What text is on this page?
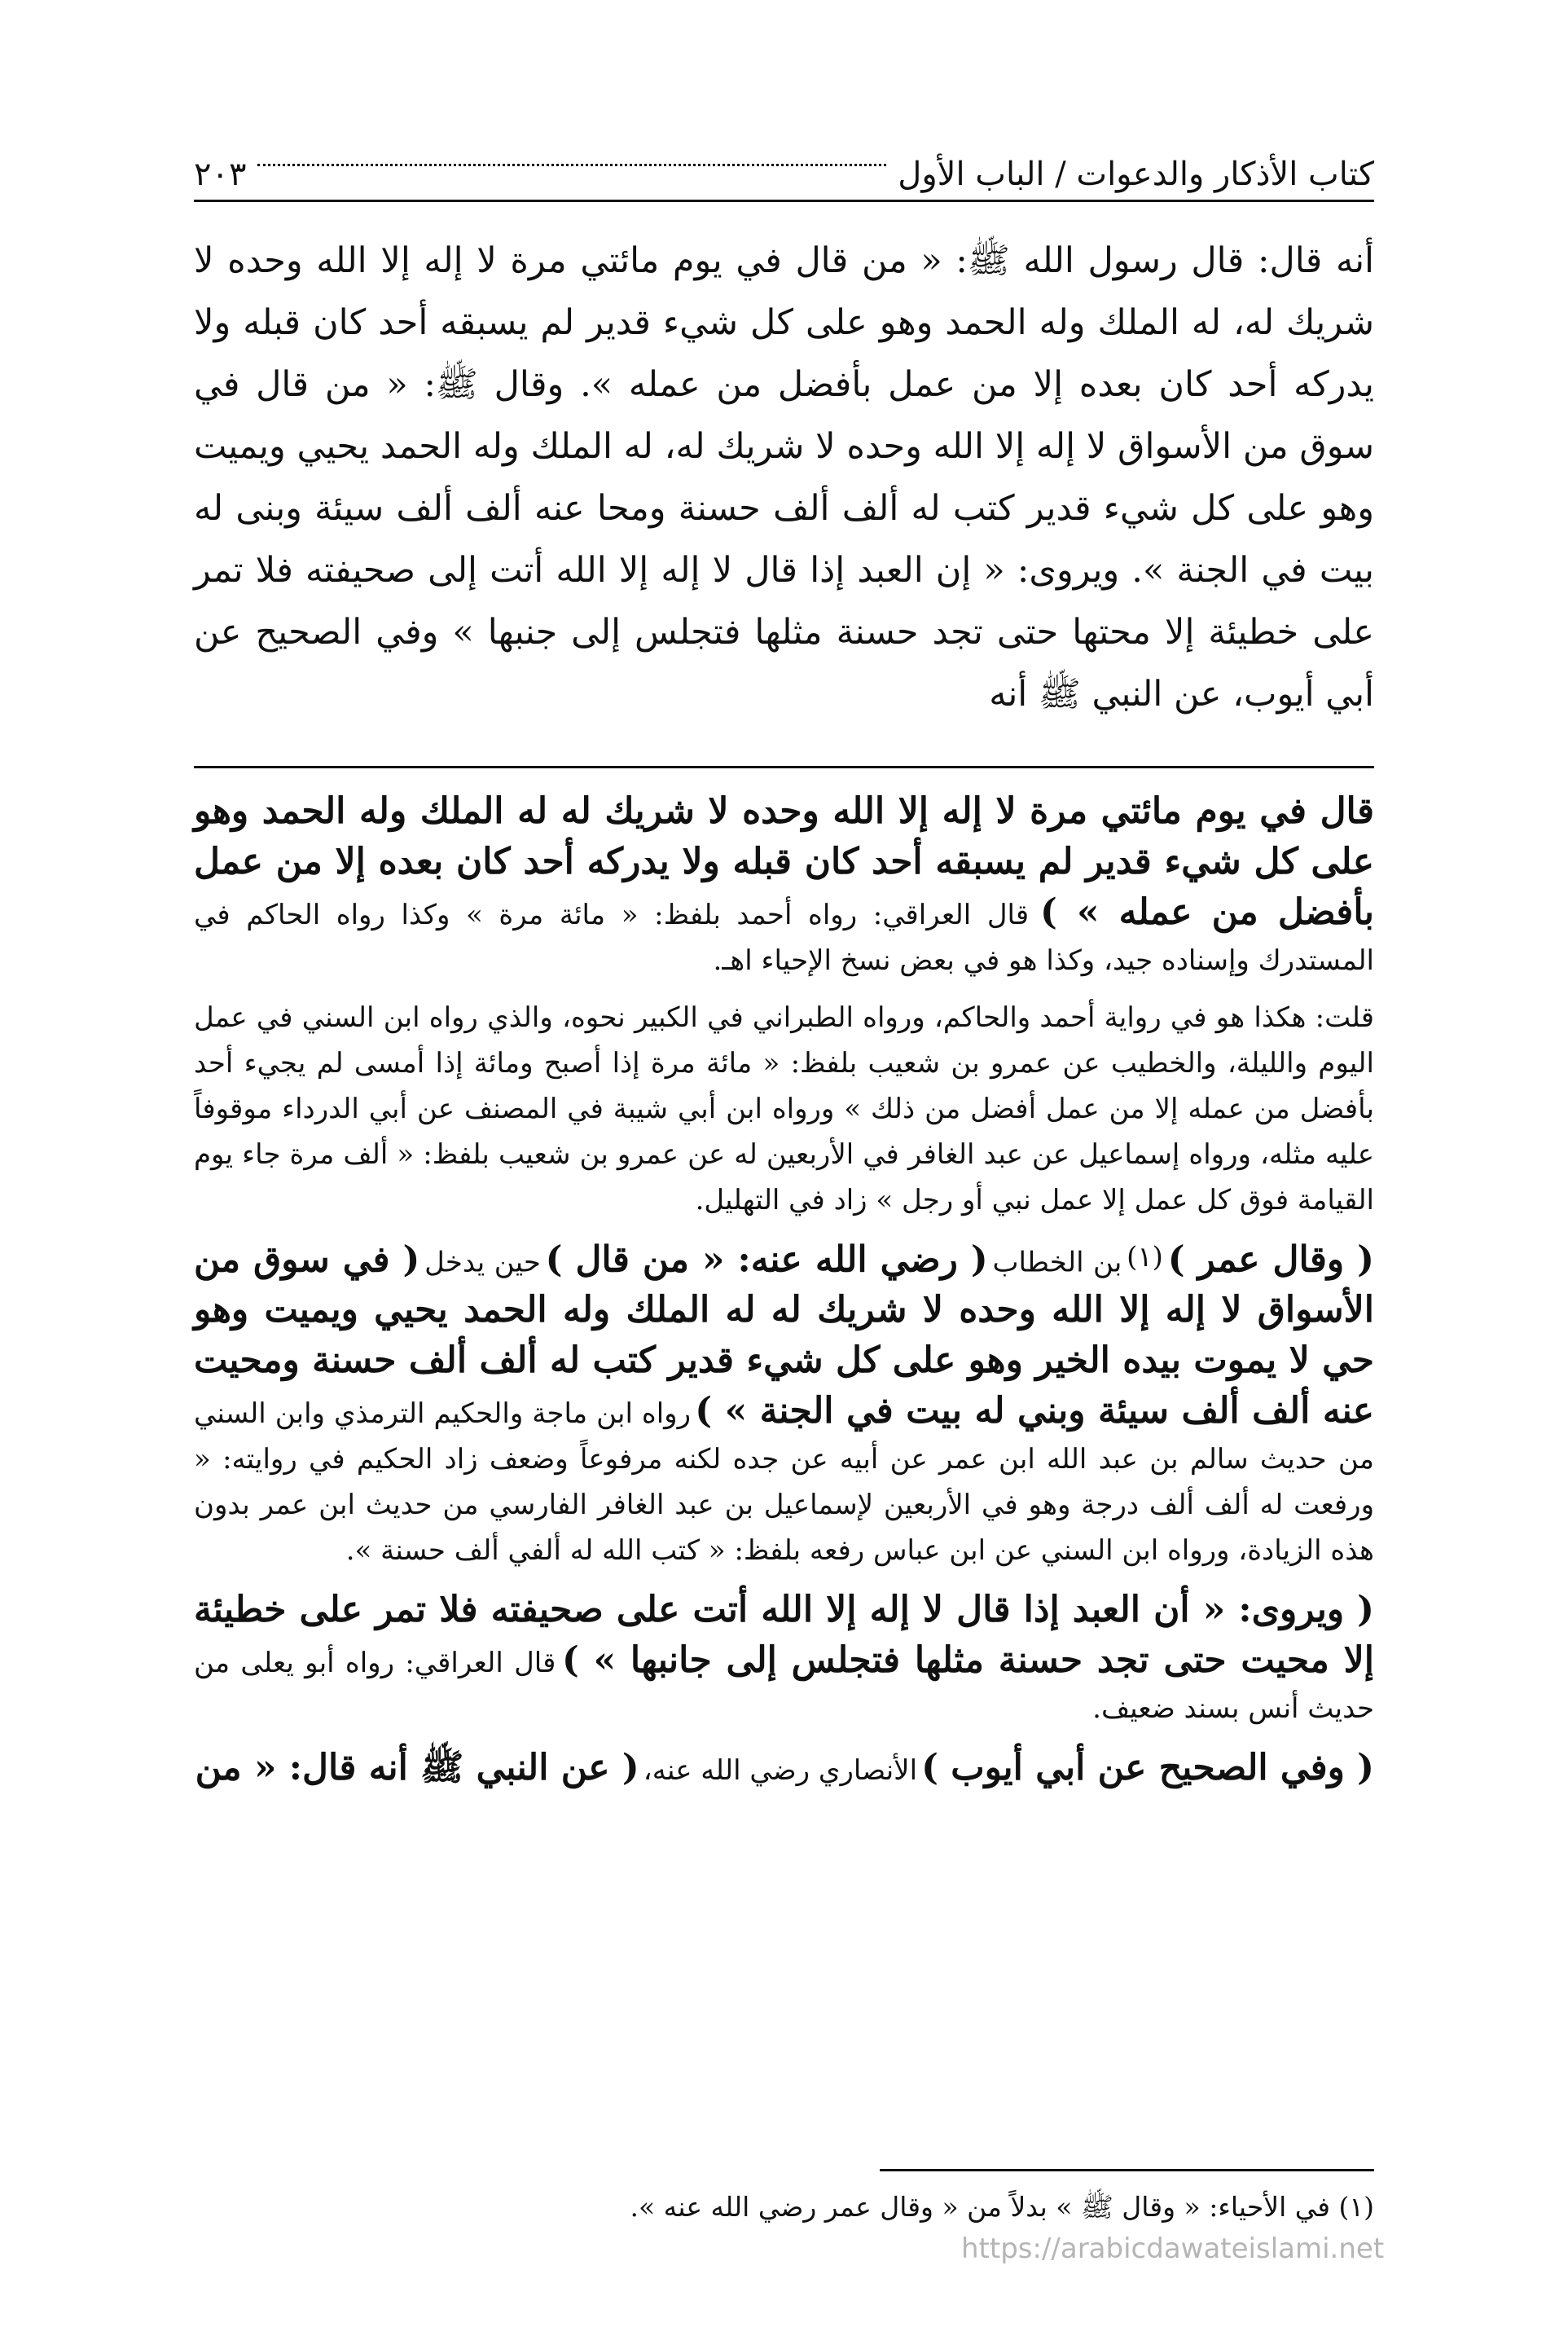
كتاب الأذكار والدعوات / الباب الأول
٢٠٣

أنه قال: قال رسول الله ﷺ: « من قال في يوم مائتي مرة لا إله إلا الله وحده لا شريك له، له الملك وله الحمد وهو على كل شيء قدير لم يسبقه أحد كان قبله ولا يدركه أحد كان بعده إلا من عمل بأفضل من عمله ». وقال ﷺ: « من قال في سوق من الأسواق لا إله إلا الله وحده لا شريك له، له الملك وله الحمد يحيي ويميت وهو على كل شيء قدير كتب له ألف ألف حسنة ومحا عنه ألف ألف سيئة وبنى له بيت في الجنة ». ويروى: « إن العبد إذا قال لا إله إلا الله أتت إلى صحيفته فلا تمر على خطيئة إلا محتها حتى تجد حسنة مثلها فتجلس إلى جنبها » وفي الصحيح عن أبي أيوب، عن النبي ﷺ أنه

قال في يوم مائتي مرة لا إله إلا الله وحده لا شريك له له الملك وله الحمد وهو على كل شيء قدير لم يسبقه أحد كان قبله ولا يدركه أحد كان بعده إلا من عمل بأفضل من عمله » ) قال العراقي: رواه أحمد بلفظ: « مائة مرة » وكذا رواه الحاكم في المستدرك وإسناده جيد، وكذا هو في بعض نسخ الإحياء اهـ.

قلت: هكذا هو في رواية أحمد والحاكم، ورواه الطبراني في الكبير نحوه، والذي رواه ابن السني في عمل اليوم والليلة، والخطيب عن عمرو بن شعيب بلفظ: « مائة مرة إذا أصبح ومائة إذا أمسى لم يجيء أحد بأفضل من عمله إلا من عمل أفضل من ذلك » ورواه ابن أبي شيبة في المصنف عن أبي الدرداء موقوفاً عليه مثله، ورواه إسماعيل عن عبد الغافر في الأربعين له عن عمرو بن شعيب بلفظ: « ألف مرة جاء يوم القيامة فوق كل عمل إلا عمل نبي أو رجل » زاد في التهليل.

( وقال عمر ) $^{(١)}$ بن الخطاب ( رضي الله عنه: « من قال ) حين يدخل ( في سوق من الأسواق لا إله إلا الله وحده لا شريك له له الملك وله الحمد يحيي ويميت وهو حي لا يموت بيده الخير وهو على كل شيء قدير كتب له ألف ألف حسنة ومحيت عنه ألف ألف سيئة وبني له بيت في الجنة » ) رواه ابن ماجة والحكيم الترمذي وابن السني من حديث سالم بن عبد الله ابن عمر عن أبيه عن جده لكنه مرفوعاً وضعف زاد الحكيم في روايته: « ورفعت له ألف ألف درجة وهو في الأربعين لإسماعيل بن عبد الغافر الفارسي من حديث ابن عمر بدون هذه الزيادة، ورواه ابن السني عن ابن عباس رفعه بلفظ: « كتب الله له ألفي ألف حسنة ».

( ويروى: « أن العبد إذا قال لا إله إلا الله أتت على صحيفته فلا تمر على خطيئة إلا محيت حتى تجد حسنة مثلها فتجلس إلى جانبها » ) قال العراقي: رواه أبو يعلى من حديث أنس بسند ضعيف.

( وفي الصحيح عن أبي أيوب ) الأنصاري رضي الله عنه، ( عن النبي ﷺ أنه قال: « من

(١) في الأحياء: « وقال ﷺ » بدلاً من « وقال عمر رضي الله عنه ».
https://arabicdawateislami.net
